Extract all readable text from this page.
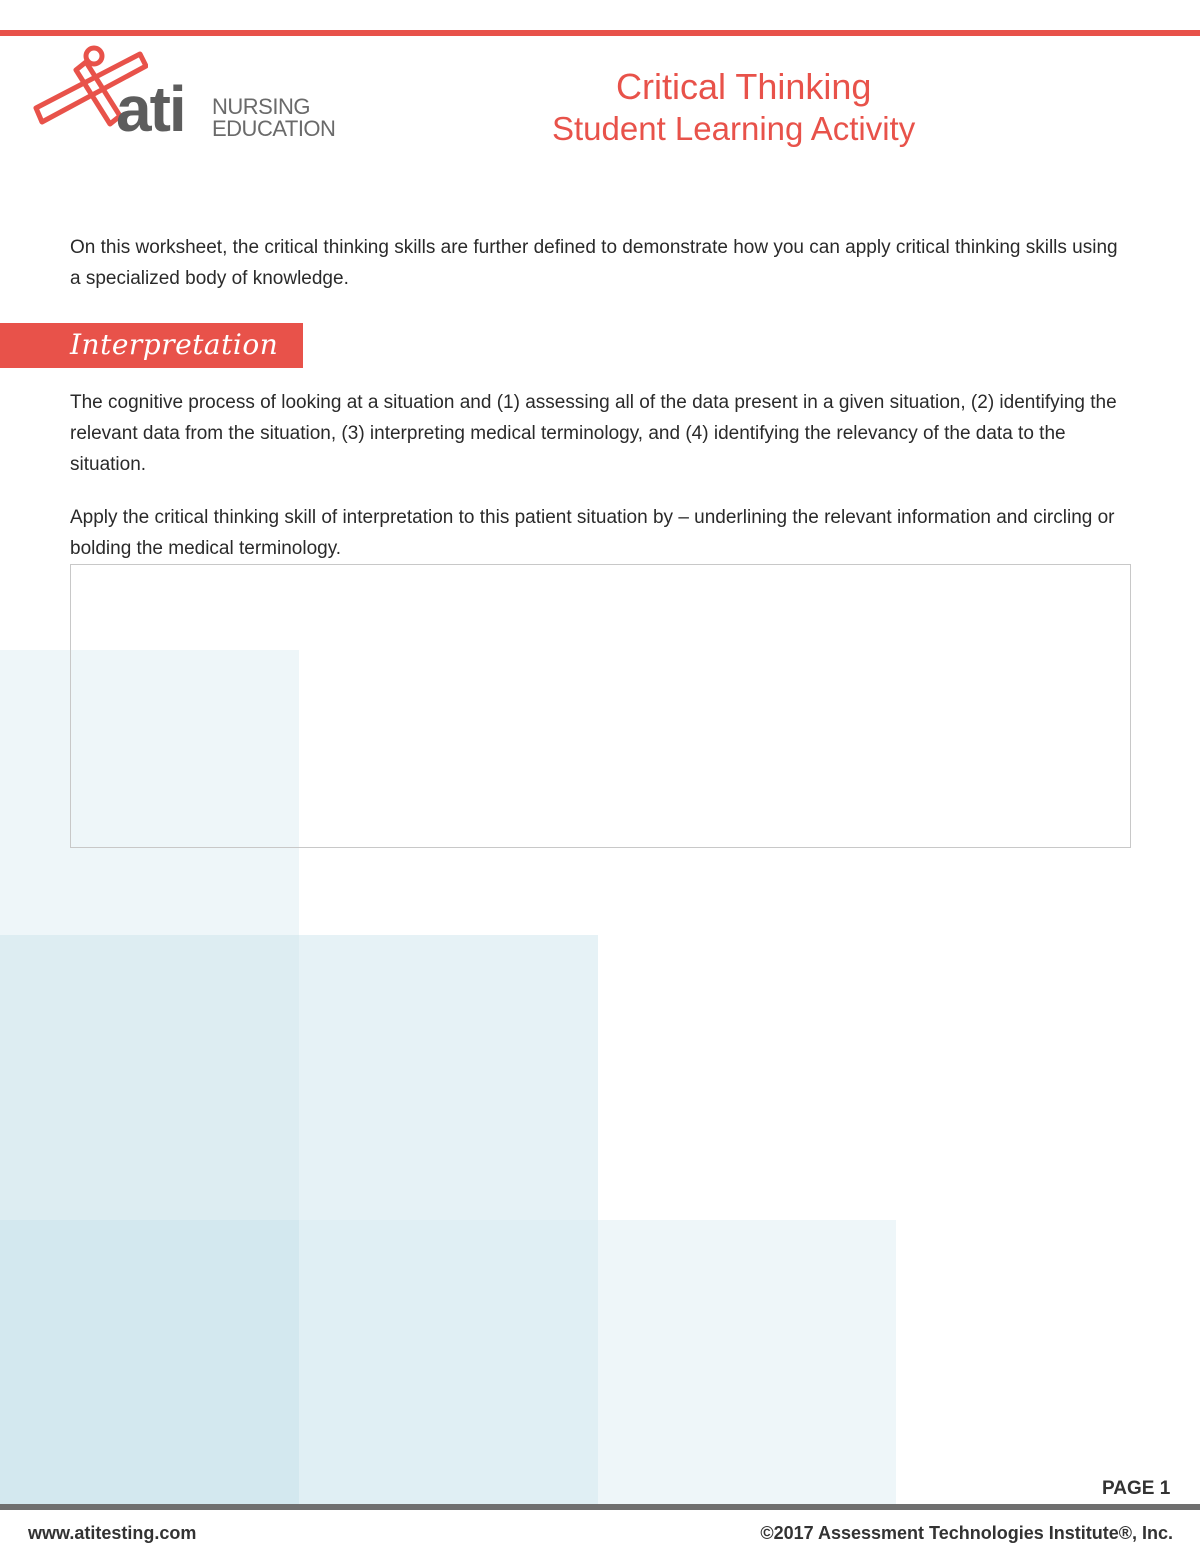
ati NURSING
EDUCATION
Critical Thinking
Student Learning Activity
On this worksheet, the critical thinking skills are further defined to demonstrate how you can apply critical thinking skills using a specialized body of knowledge.
Interpretation
The cognitive process of looking at a situation and (1) assessing all of the data present in a given situation, (2) identifying the relevant data from the situation, (3) interpreting medical terminology, and (4) identifying the relevancy of the data to the situation.
Apply the critical thinking skill of interpretation to this patient situation by – underlining the relevant information and circling or bolding the medical terminology.
PAGE 1
www.atitesting.com	©2017 Assessment Technologies Institute®, Inc.
